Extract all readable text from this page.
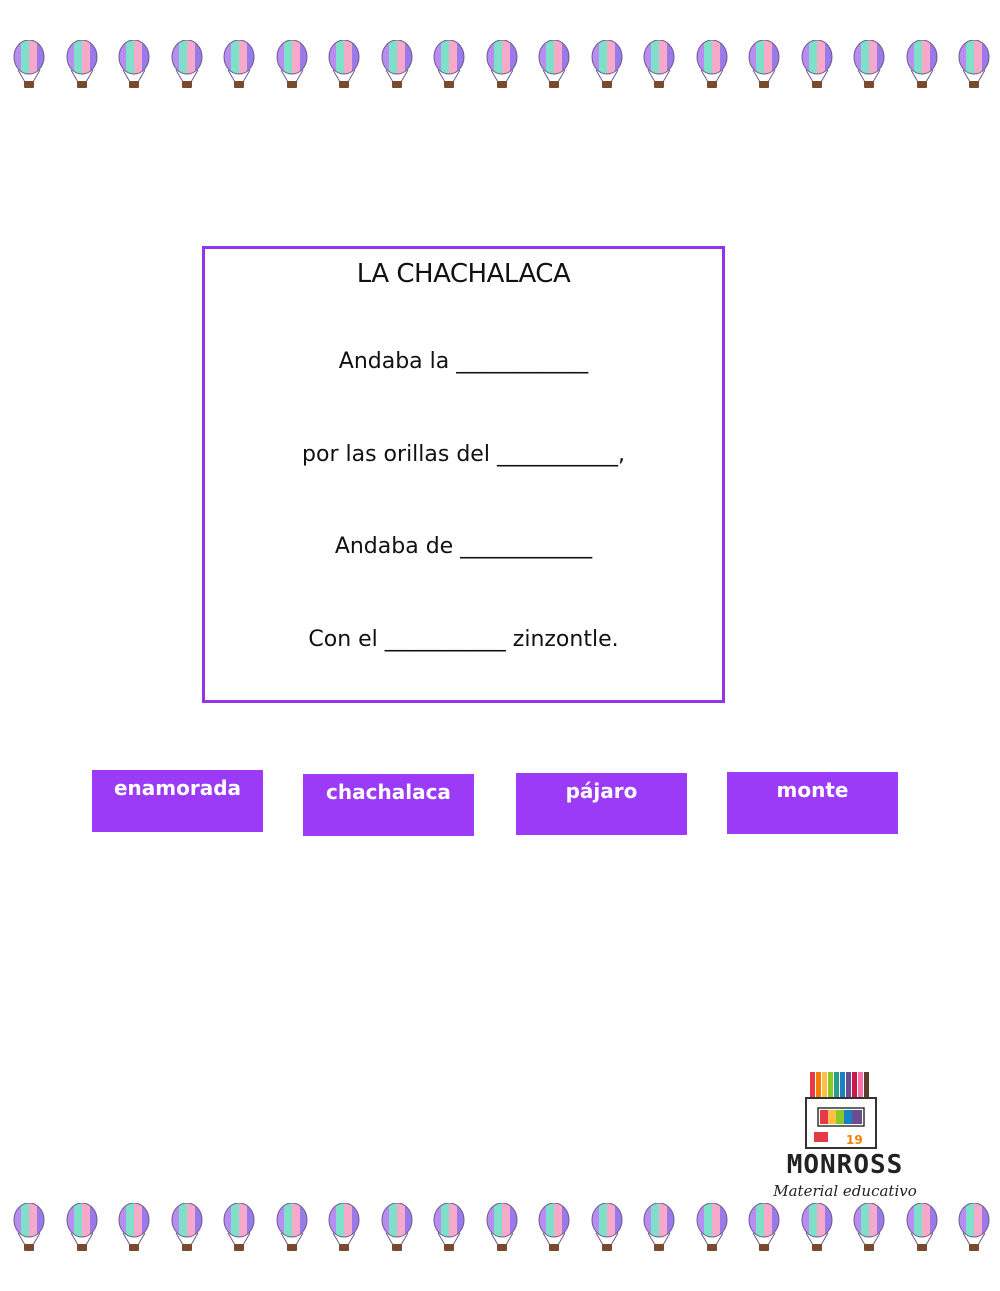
LA CHACHALACA
Andaba la ____________
por las orillas del ___________,
Andaba de ____________
Con el ___________ zinzontle.
enamorada	chachalaca	pájaro	monte
19
MONROSS
Material educativo
